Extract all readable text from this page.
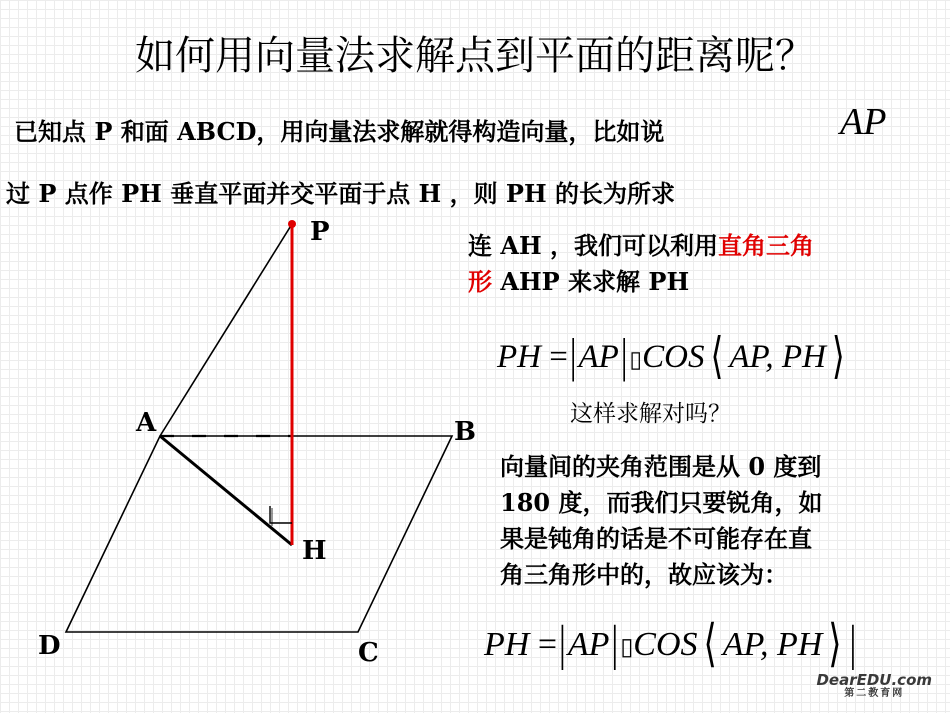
如何用向量法求解点到平面的距离呢？
已知点 P 和面 ABCD，用向量法求解就得构造向量，比如说	AP
过 P 点作 PH 垂直平面并交平面于点 H ，则 PH 的长为所求
连 AH ，我们可以利用直角三角
形 AHP 来求解 PH
PH =|AP|▯COS ⟨ AP, PH ⟩
这样求解对吗？
向量间的夹角范围是从 0 度到
180 度，而我们只要锐角，如
果是钝角的话是不可能存在直
角三角形中的，故应该为：
PH =|AP|▯COS ⟨ AP, PH ⟩ |
P
A	B
H
D	C
DearEDU.com
第二教育网
